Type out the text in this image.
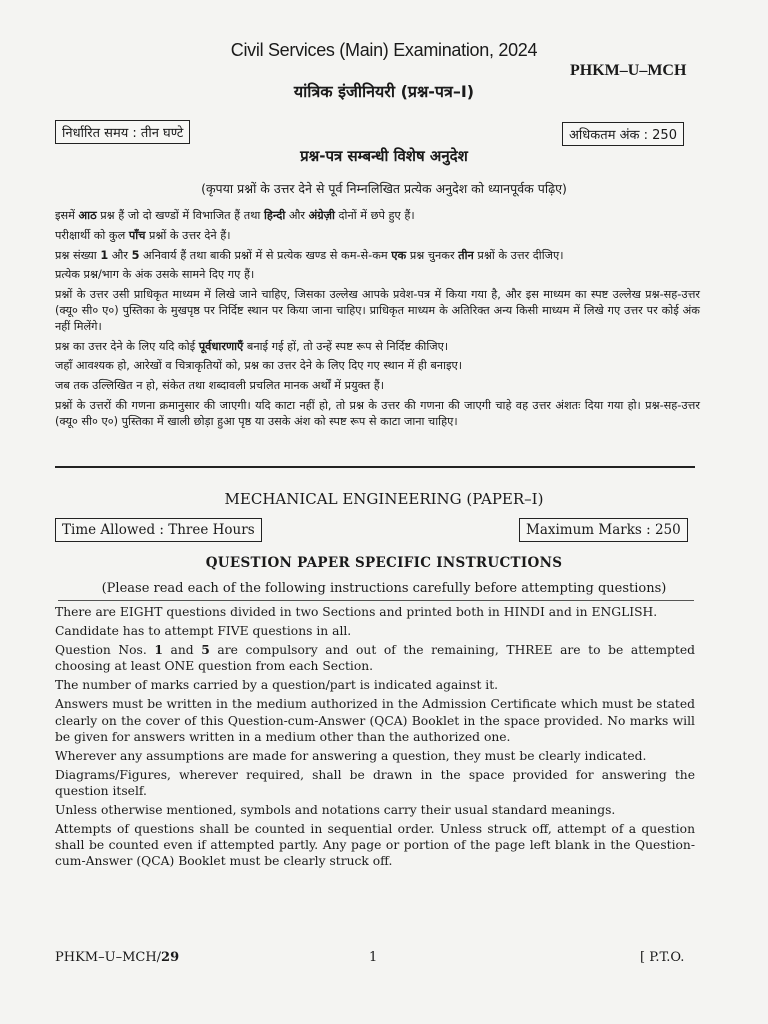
Civil Services (Main) Examination, 2024
PHKM–U–MCH
यांत्रिक इंजीनियरी (प्रश्न-पत्र–I)
निर्धारित समय : तीन घण्टे	अधिकतम अंक : 250
प्रश्न-पत्र सम्बन्धी विशेष अनुदेश
(कृपया प्रश्नों के उत्तर देने से पूर्व निम्नलिखित प्रत्येक अनुदेश को ध्यानपूर्वक पढ़िए)

इसमें आठ प्रश्न हैं जो दो खण्डों में विभाजित हैं तथा हिन्दी और अंग्रेज़ी दोनों में छपे हुए हैं।

परीक्षार्थी को कुल पाँच प्रश्नों के उत्तर देने हैं।

प्रश्न संख्या 1 और 5 अनिवार्य हैं तथा बाकी प्रश्नों में से प्रत्येक खण्ड से कम-से-कम एक प्रश्न चुनकर तीन प्रश्नों के उत्तर दीजिए।

प्रत्येक प्रश्न/भाग के अंक उसके सामने दिए गए हैं।

प्रश्नों के उत्तर उसी प्राधिकृत माध्यम में लिखे जाने चाहिए, जिसका उल्लेख आपके प्रवेश-पत्र में किया गया है, और इस माध्यम का स्पष्ट उल्लेख प्रश्न-सह-उत्तर (क्यू० सी० ए०) पुस्तिका के मुखपृष्ठ पर निर्दिष्ट स्थान पर किया जाना चाहिए। प्राधिकृत माध्यम के अतिरिक्त अन्य किसी माध्यम में लिखे गए उत्तर पर कोई अंक नहीं मिलेंगे।

प्रश्न का उत्तर देने के लिए यदि कोई पूर्वधारणाएँ बनाई गई हों, तो उन्हें स्पष्ट रूप से निर्दिष्ट कीजिए।

जहाँ आवश्यक हो, आरेखों व चित्राकृतियों को, प्रश्न का उत्तर देने के लिए दिए गए स्थान में ही बनाइए।

जब तक उल्लिखित न हो, संकेत तथा शब्दावली प्रचलित मानक अर्थों में प्रयुक्त हैं।

प्रश्नों के उत्तरों की गणना क्रमानुसार की जाएगी। यदि काटा नहीं हो, तो प्रश्न के उत्तर की गणना की जाएगी चाहे वह उत्तर अंशतः दिया गया हो। प्रश्न-सह-उत्तर (क्यू० सी० ए०) पुस्तिका में खाली छोड़ा हुआ पृष्ठ या उसके अंश को स्पष्ट रूप से काटा जाना चाहिए।

MECHANICAL ENGINEERING (PAPER–I)
Time Allowed : Three Hours	Maximum Marks : 250
QUESTION PAPER SPECIFIC INSTRUCTIONS
(Please read each of the following instructions carefully before attempting questions)

There are EIGHT questions divided in two Sections and printed both in HINDI and in ENGLISH.

Candidate has to attempt FIVE questions in all.

Question Nos. 1 and 5 are compulsory and out of the remaining, THREE are to be attempted choosing at least ONE question from each Section.

The number of marks carried by a question/part is indicated against it.

Answers must be written in the medium authorized in the Admission Certificate which must be stated clearly on the cover of this Question-cum-Answer (QCA) Booklet in the space provided. No marks will be given for answers written in a medium other than the authorized one.

Wherever any assumptions are made for answering a question, they must be clearly indicated.

Diagrams/Figures, wherever required, shall be drawn in the space provided for answering the question itself.

Unless otherwise mentioned, symbols and notations carry their usual standard meanings.

Attempts of questions shall be counted in sequential order. Unless struck off, attempt of a question shall be counted even if attempted partly. Any page or portion of the page left blank in the Question-cum-Answer (QCA) Booklet must be clearly struck off.

PHKM–U–MCH/29	1	[ P.T.O.
